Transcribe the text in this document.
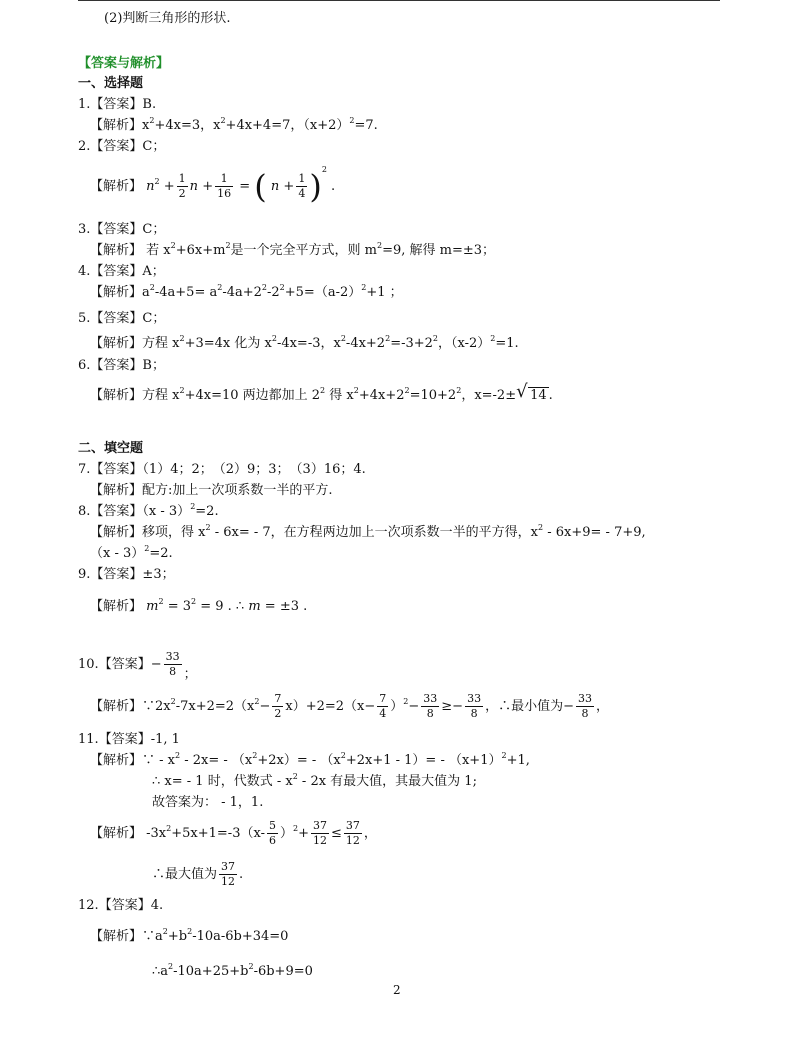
(2)判断三角形的形状.
【答案与解析】
一、选择题
1.【答案】B.
【解析】$x^2+4x=3$，$x^2+4x+4=7$，$(x+2)^2=7$.
2.【答案】C；
【解析】 $n^2 + \frac{1}{2}$ $n + \frac{1}{16}$ = ( $n + \frac{1}{4} )^2$ .
3.【答案】C；
【解析】 若 $x^2+6x+m^2$是一个完全平方式，则 $m^2=9$, 解得 m=±3；
4.【答案】A；
【解析】$a^2-4a+5= a^2-4a+2^2-2^2+5=(a-2)^2+1$ ；
5.【答案】C；
【解析】方程 $x^2+3=4x$ 化为 $x^2-4x=-3$，$x^2-4x+2^2=-3+2^2$，$(x-2)^2=1$.
6.【答案】B；
【解析】方程 $x^2+4x=10$ 两边都加上 $2^2$ 得 $x^2+4x+2^2=10+2^2$，x=-2± √ 14 .
二、填空题
7.【答案】（1）4；2；　（2）9；3；　（3）16；4.
【解析】配方:加上一次项系数一半的平方.
8.【答案】（x - 3）$^2$=2.
【解析】移项，得 $x^2 - 6x= - 7$，在方程两边加上一次项系数一半的平方得，$x^2 - 6x+9= - 7+9$,
（x - 3）$^2$=2.
9.【答案】±3；
【解析】 $m^2 = 3^2 = 9$ . ∴ m = ±3 .
10.【答案】− $\frac{33}{8}$ ；
【解析】$\because 2x^2-7x+2=2(x^2- \frac{7}{2} x)+2=2(x- \frac{7}{4} )^2- \frac{33}{8} \ge- \frac{33}{8}$ ，∴最小值为− $\frac{33}{8}$ ，
11.【答案】-1, 1
【解析】∵ - $x^2 - 2x= - (x^2+2x)= - (x^2+2x+1 - 1)= - (x+1)^2+1$,
∴ x= - 1 时，代数式 - $x^2 - 2x$ 有最大值，其最大值为 1;
故答案为： - 1，1.
【解析】 $-3x^2+5x+1=-3(x- \frac{5}{6} )^2+ \frac{37}{12} \le \frac{37}{12}$ ，
∴最大值为 $\frac{37}{12}$ .
12.【答案】4.
【解析】$\because a^2+b^2-10a-6b+34=0$
$\therefore a^2-10a+25+b^2-6b+9=0$
2
